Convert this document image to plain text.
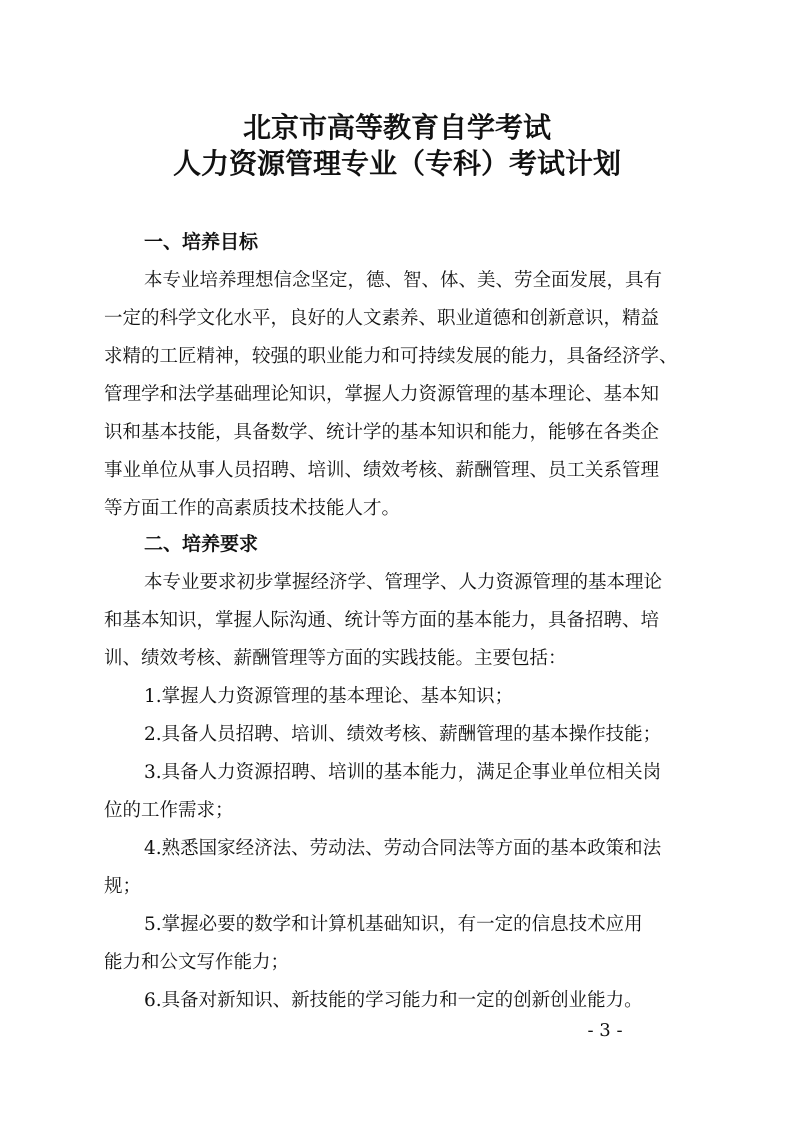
北京市高等教育自学考试
人力资源管理专业（专科）考试计划
一、培养目标
本专业培养理想信念坚定，德、智、体、美、劳全面发展，具有
一定的科学文化水平，良好的人文素养、职业道德和创新意识，精益
求精的工匠精神，较强的职业能力和可持续发展的能力，具备经济学、
管理学和法学基础理论知识，掌握人力资源管理的基本理论、基本知
识和基本技能，具备数学、统计学的基本知识和能力，能够在各类企
事业单位从事人员招聘、培训、绩效考核、薪酬管理、员工关系管理
等方面工作的高素质技术技能人才。
二、培养要求
本专业要求初步掌握经济学、管理学、人力资源管理的基本理论
和基本知识，掌握人际沟通、统计等方面的基本能力，具备招聘、培
训、绩效考核、薪酬管理等方面的实践技能。主要包括：
1.掌握人力资源管理的基本理论、基本知识；
2.具备人员招聘、培训、绩效考核、薪酬管理的基本操作技能；
3.具备人力资源招聘、培训的基本能力，满足企事业单位相关岗
位的工作需求；
4.熟悉国家经济法、劳动法、劳动合同法等方面的基本政策和法
规；
5.掌握必要的数学和计算机基础知识，有一定的信息技术应用
能力和公文写作能力；
6.具备对新知识、新技能的学习能力和一定的创新创业能力。
- 3 -
